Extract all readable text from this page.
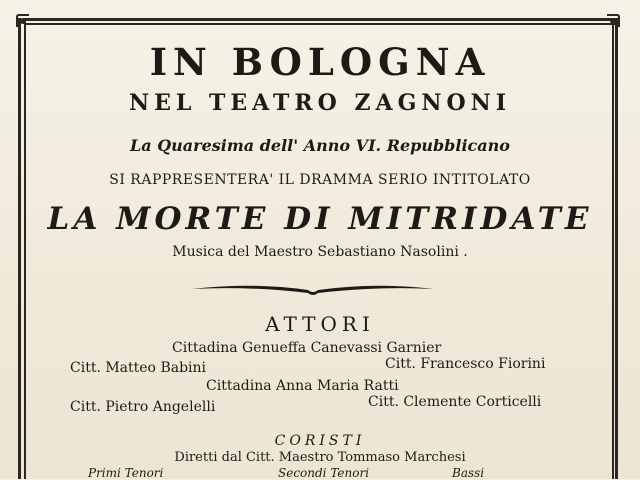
IN BOLOGNA
NEL TEATRO ZAGNONI
La Quaresima dell' Anno VI. Repubblicano
SI RAPPRESENTERA' IL DRAMMA SERIO INTITOLATO
LA MORTE DI MITRIDATE
Musica del Maestro Sebastiano Nasolini .
ATTORI
Cittadina Genueffa Canevassi Garnier
Citt. Matteo Babini	Citt. Francesco Fiorini
Cittadina Anna Maria Ratti
Citt. Pietro Angelelli	Citt. Clemente Corticelli
CORISTI
Diretti dal Citt. Maestro Tommaso Marchesi
Primi Tenori	Secondi Tenori	Bassi
